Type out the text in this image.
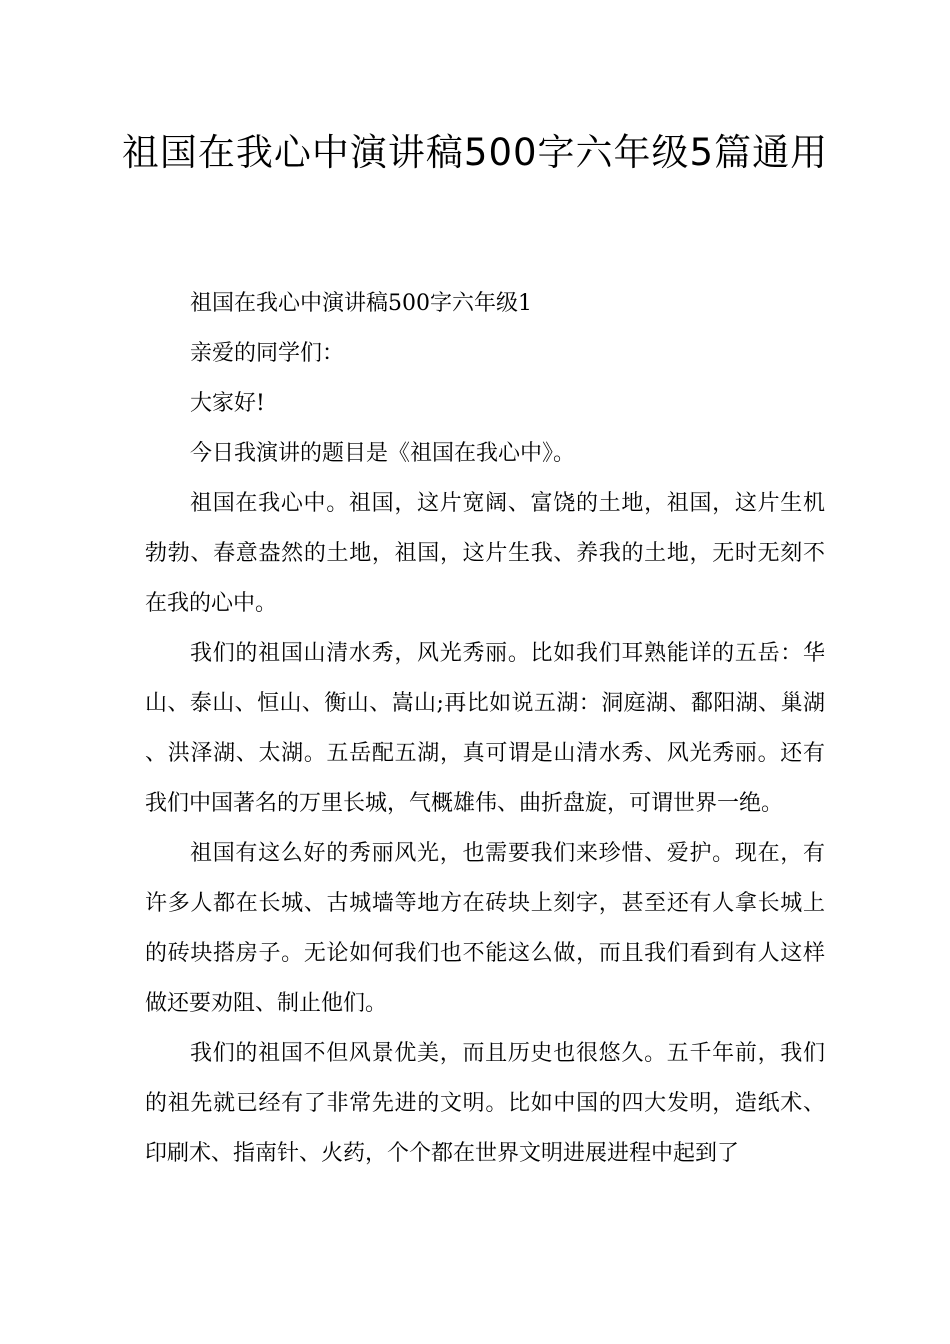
祖国在我心中演讲稿500字六年级5篇通用

祖国在我心中演讲稿500字六年级1

亲爱的同学们：

大家好!

今日我演讲的题目是《祖国在我心中》。

祖国在我心中。祖国，这片宽阔、富饶的土地，祖国，这片生机勃勃、春意盎然的土地，祖国，这片生我、养我的土地，无时无刻不在我的心中。

我们的祖国山清水秀，风光秀丽。比如我们耳熟能详的五岳：华山、泰山、恒山、衡山、嵩山;再比如说五湖：洞庭湖、鄱阳湖、巢湖、洪泽湖、太湖。五岳配五湖，真可谓是山清水秀、风光秀丽。还有我们中国著名的万里长城，气概雄伟、曲折盘旋，可谓世界一绝。

祖国有这么好的秀丽风光，也需要我们来珍惜、爱护。现在，有许多人都在长城、古城墙等地方在砖块上刻字，甚至还有人拿长城上的砖块搭房子。无论如何我们也不能这么做，而且我们看到有人这样做还要劝阻、制止他们。

我们的祖国不但风景优美，而且历史也很悠久。五千年前，我们的祖先就已经有了非常先进的文明。比如中国的四大发明，造纸术、印刷术、指南针、火药，个个都在世界文明进展进程中起到了
